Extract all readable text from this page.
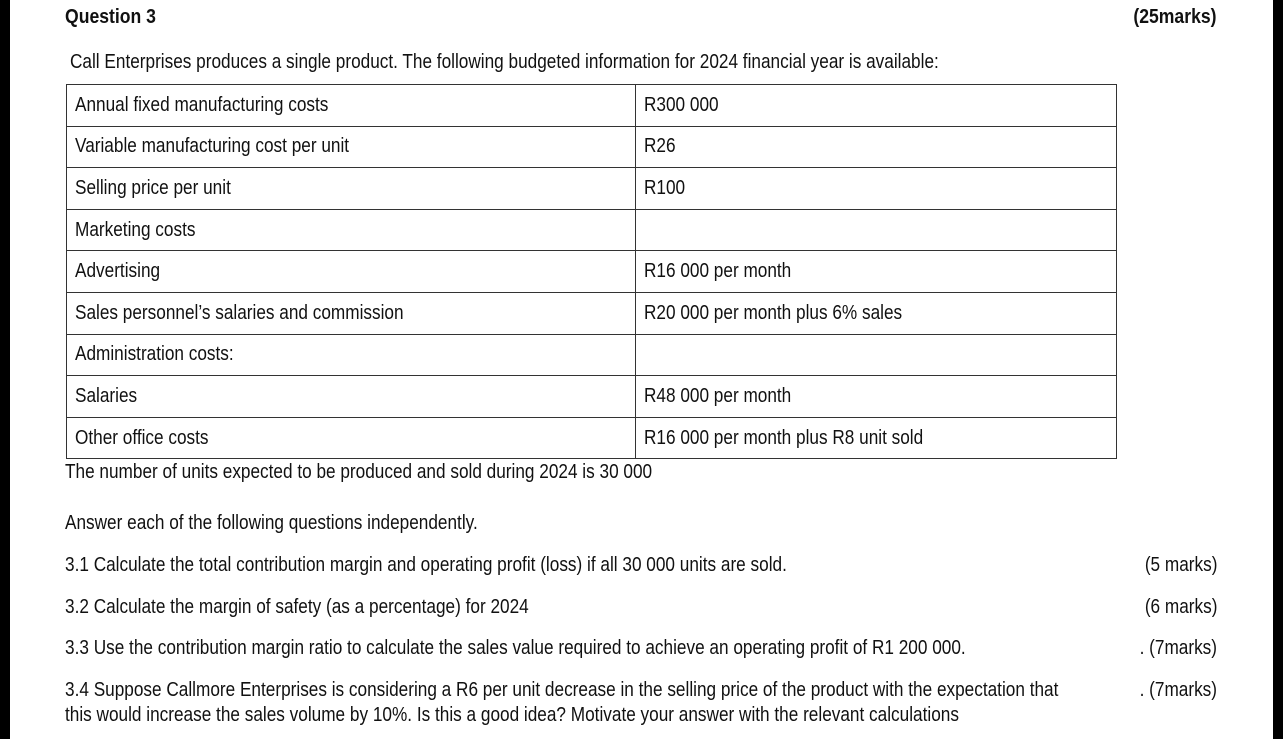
Question 3	(25marks)
Call Enterprises produces a single product. The following budgeted information for 2024 financial year is available:
Annual fixed manufacturing costs	R300 000
Variable manufacturing cost per unit	R26
Selling price per unit	R100
Marketing costs	
Advertising	R16 000 per month
Sales personnel’s salaries and commission	R20 000 per month plus 6% sales
Administration costs:	
Salaries	R48 000 per month
Other office costs	R16 000 per month plus R8 unit sold
The number of units expected to be produced and sold during 2024 is 30 000
Answer each of the following questions independently.
3.1 Calculate the total contribution margin and operating profit (loss) if all 30 000 units are sold.	(5 marks)
3.2 Calculate the margin of safety (as a percentage) for 2024	(6 marks)
3.3 Use the contribution margin ratio to calculate the sales value required to achieve an operating profit of R1 200 000.	. (7marks)
3.4 Suppose Callmore Enterprises is considering a R6 per unit decrease in the selling price of the product with the expectation that
this would increase the sales volume by 10%. Is this a good idea? Motivate your answer with the relevant calculations
. (7marks)
